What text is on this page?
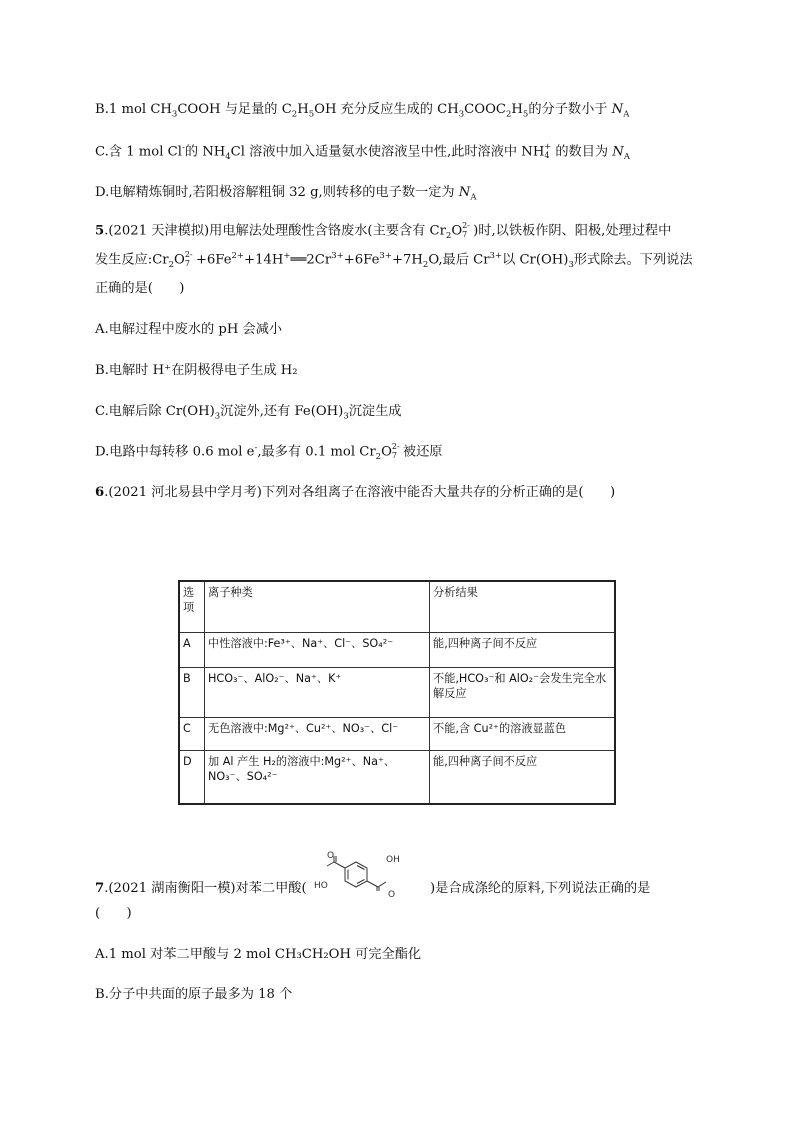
B.1 mol $CH_3COOH$ 与足量的 $C_2H_5OH$ 充分反应生成的 $CH_3COOC_2H_5$的分子数小于 $N_A$
C.含 1 mol Cl-的 $NH_4Cl$ 溶液中加入适量氨水使溶液呈中性,此时溶液中 NH +
4 的数目为 $N_A$
D.电解精炼铜时,若阳极溶解粗铜 32 g,则转移的电子数一定为 $N_A$
5.(2021 天津模拟)用电解法处理酸性含铬废水(主要含有 $Cr_2O$ 2-
7 )时,以铁板作阴、阳极,处理过程中
发生反应$:Cr_2O$ 2-
$7 +6Fe^{2+}+14H^+══2Cr^{3+}+6Fe^{3+}+7H_2O$,最后 $Cr^{3+}$以 $Cr(OH)_3$形式除去。下列说法
正确的是(　　)
A.电解过程中废水的 pH 会减小
B.电解时 H⁺在阴极得电子生成 H₂
C.电解后除 $Cr(OH)_3$沉淀外,还有 $Fe(OH)_3$沉淀生成
D.电路中每转移 0.6 mol e-,最多有 0.1 mol $Cr_2O$ 2-
7 被还原
6.(2021 河北易县中学月考)下列对各组离子在溶液中能否大量共存的分析正确的是(　　)
选项	离子种类	分析结果
A	中性溶液中:Fe³⁺、Na⁺、Cl⁻、SO₄²⁻	能,四种离子间不反应
B	HCO₃⁻、AlO₂⁻、Na⁺、K⁺	不能,HCO₃⁻和 AlO₂⁻会发生完全水解反应
C	无色溶液中:Mg²⁺、Cu²⁺、NO₃⁻、Cl⁻	不能,含 Cu²⁺的溶液显蓝色
D	加 Al 产生 H₂的溶液中:Mg²⁺、Na⁺、NO₃⁻、SO₄²⁻	能,四种离子间不反应
O
HO
OH
O
7.(2021 湖南衡阳一模)对苯二甲酸(	)是合成涤纶的原料,下列说法正确的是
(　　)
A.1 mol 对苯二甲酸与 2 mol CH₃CH₂OH 可完全酯化
B.分子中共面的原子最多为 18 个
